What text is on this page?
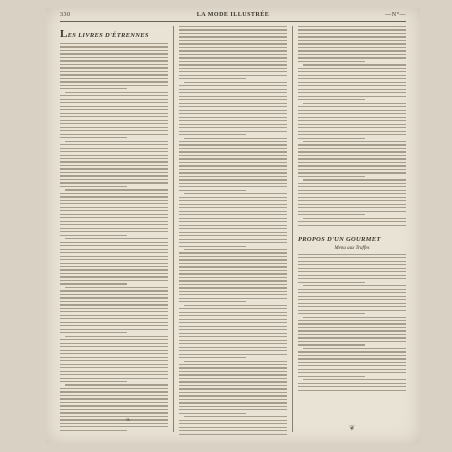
330	LA MODE ILLUSTRÉE	—N°—
LES LIVRES D'ÉTRENNES
❧
PROPOS D'UN GOURMET
Menu aux Truffes
❦
